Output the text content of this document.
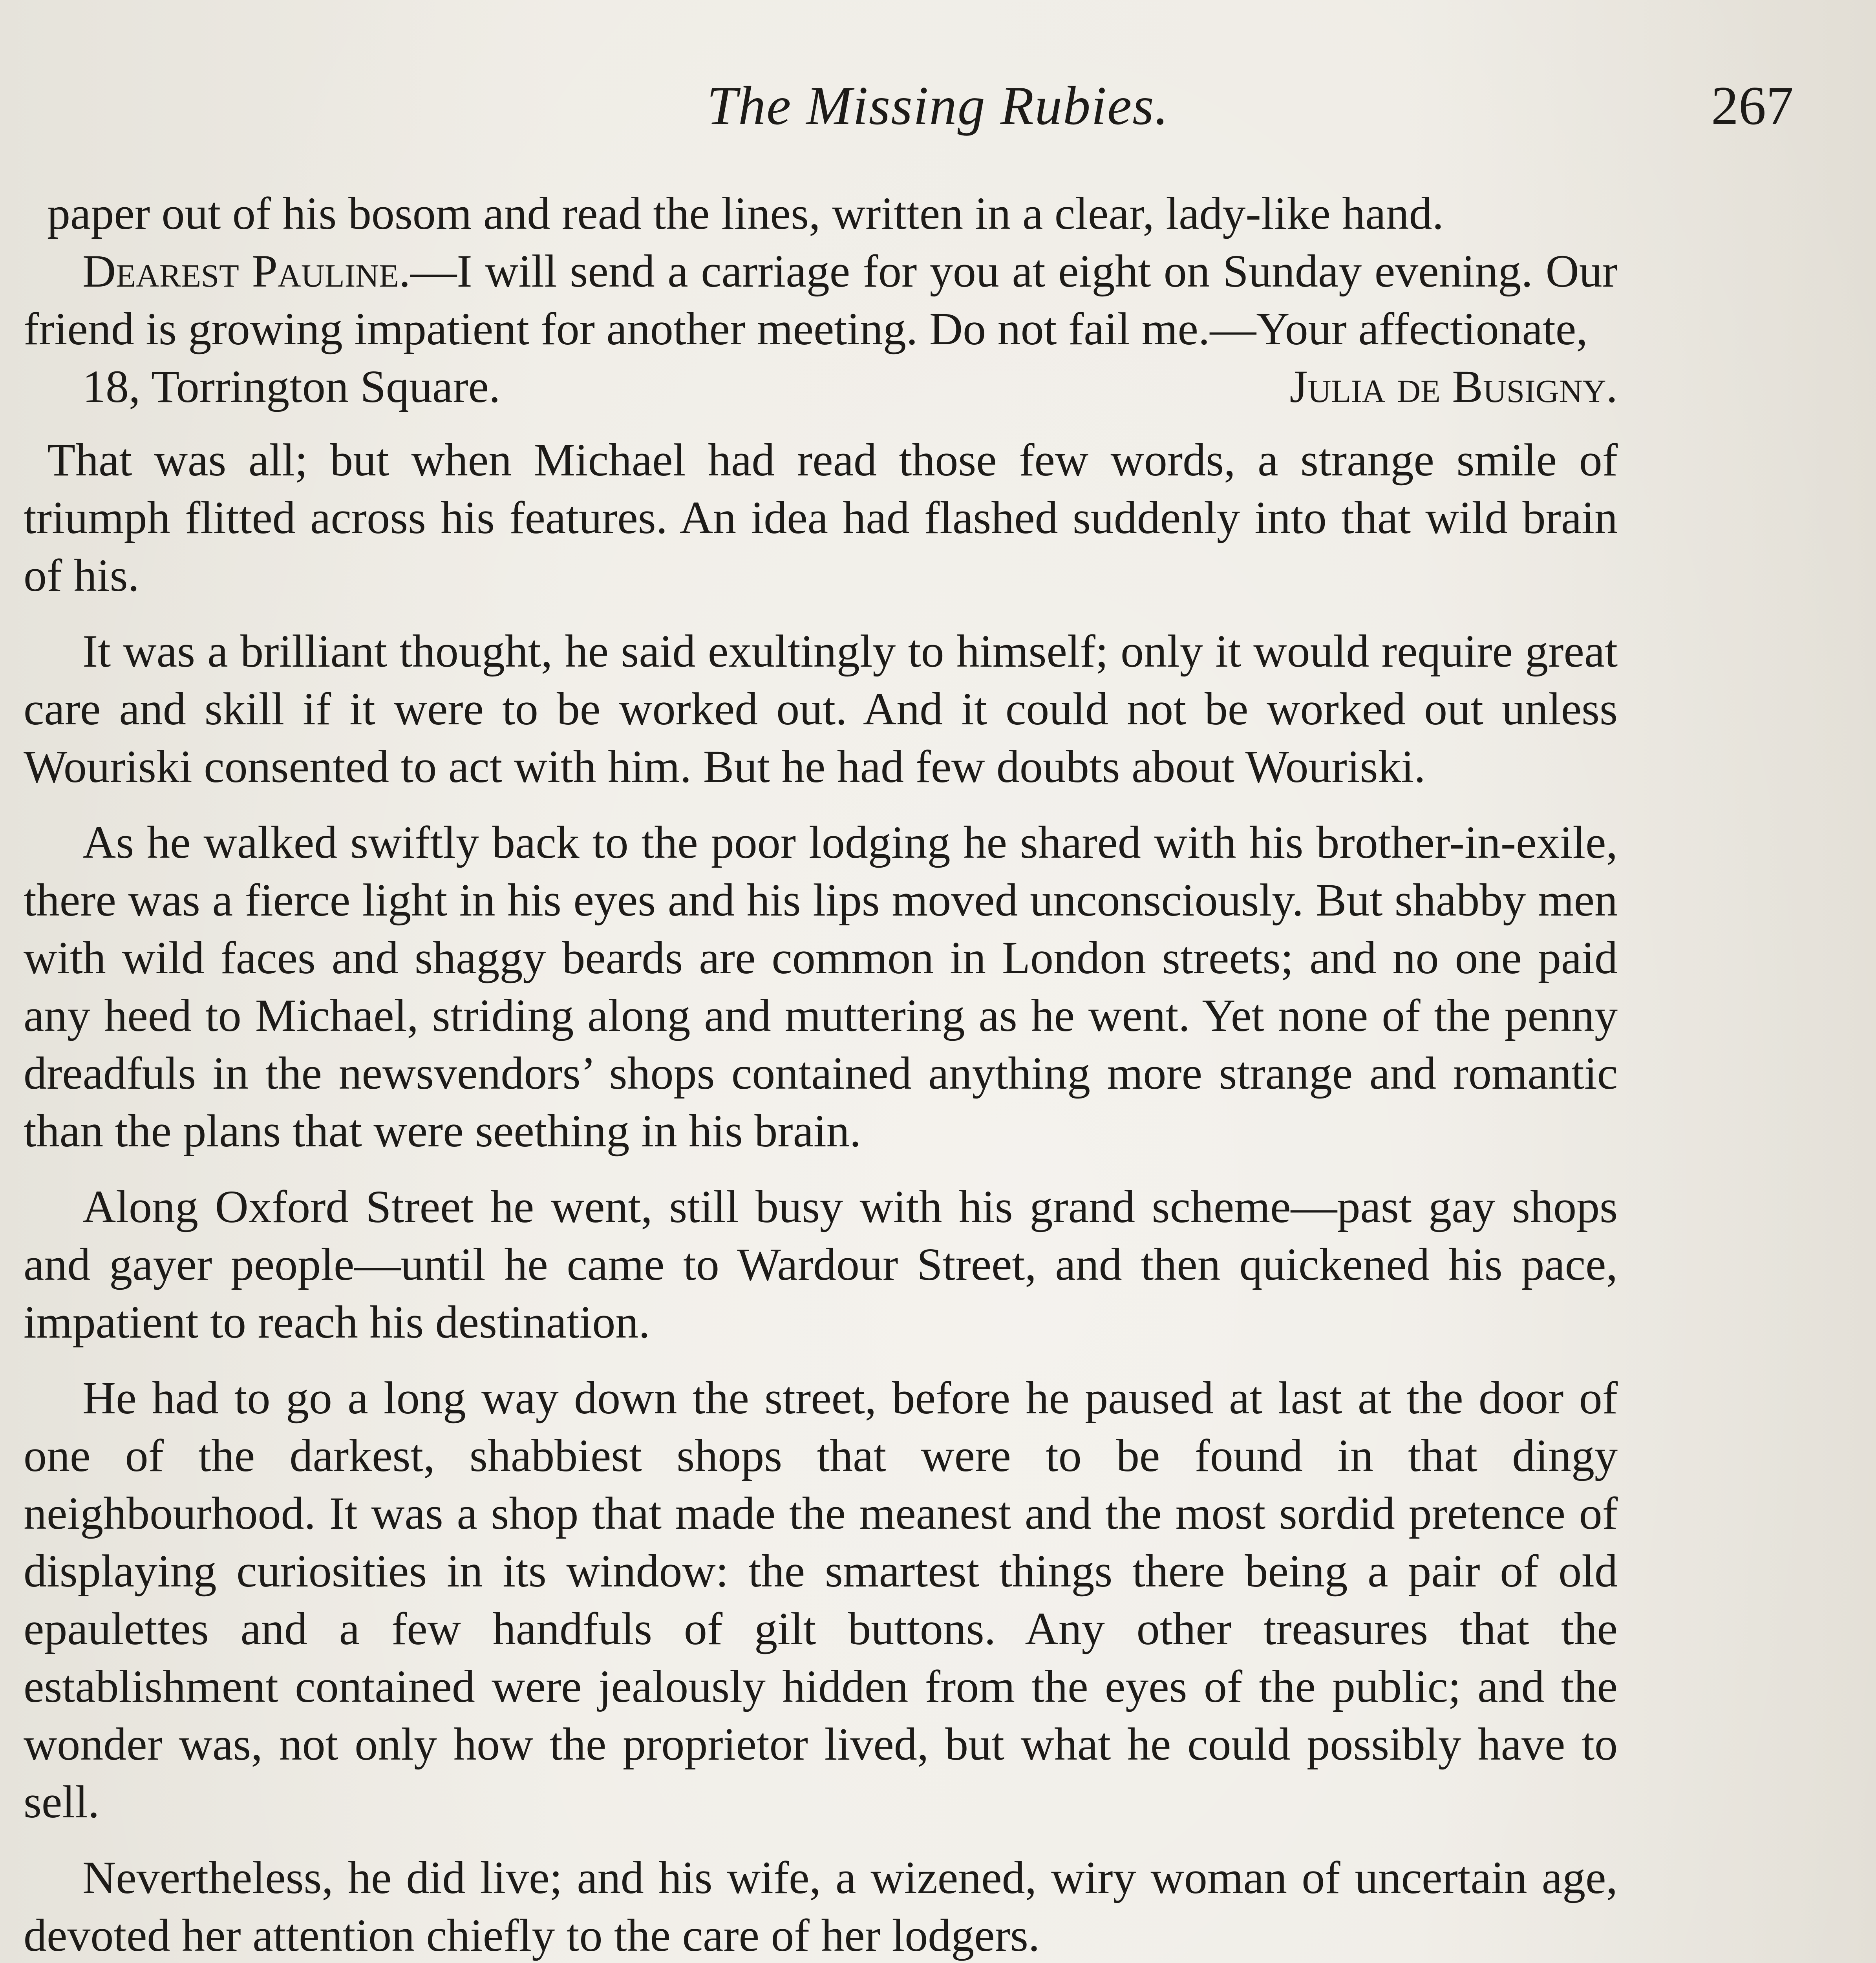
The Missing Rubies.	267

paper out of his bosom and read the lines, written in a clear, lady-like hand.

Dearest Pauline.—I will send a carriage for you at eight on Sunday evening. Our friend is growing impatient for another meeting. Do not fail me.—Your affectionate,

18, Torrington Square.	Julia de Busigny.

That was all; but when Michael had read those few words, a strange smile of triumph flitted across his features. An idea had flashed suddenly into that wild brain of his.

It was a brilliant thought, he said exultingly to himself; only it would require great care and skill if it were to be worked out. And it could not be worked out unless Wouriski consented to act with him. But he had few doubts about Wouriski.

As he walked swiftly back to the poor lodging he shared with his brother-in-exile, there was a fierce light in his eyes and his lips moved unconsciously. But shabby men with wild faces and shaggy beards are common in London streets; and no one paid any heed to Michael, striding along and muttering as he went. Yet none of the penny dreadfuls in the newsvendors’ shops contained anything more strange and romantic than the plans that were seething in his brain.

Along Oxford Street he went, still busy with his grand scheme—past gay shops and gayer people—until he came to Wardour Street, and then quickened his pace, impatient to reach his destination.

He had to go a long way down the street, before he paused at last at the door of one of the darkest, shabbiest shops that were to be found in that dingy neighbourhood. It was a shop that made the meanest and the most sordid pretence of displaying curiosities in its window: the smartest things there being a pair of old epaulettes and a few handfuls of gilt buttons. Any other treasures that the establishment contained were jealously hidden from the eyes of the public; and the wonder was, not only how the proprietor lived, but what he could possibly have to sell.

Nevertheless, he did live; and his wife, a wizened, wiry woman of uncertain age, devoted her attention chiefly to the care of her lodgers.
